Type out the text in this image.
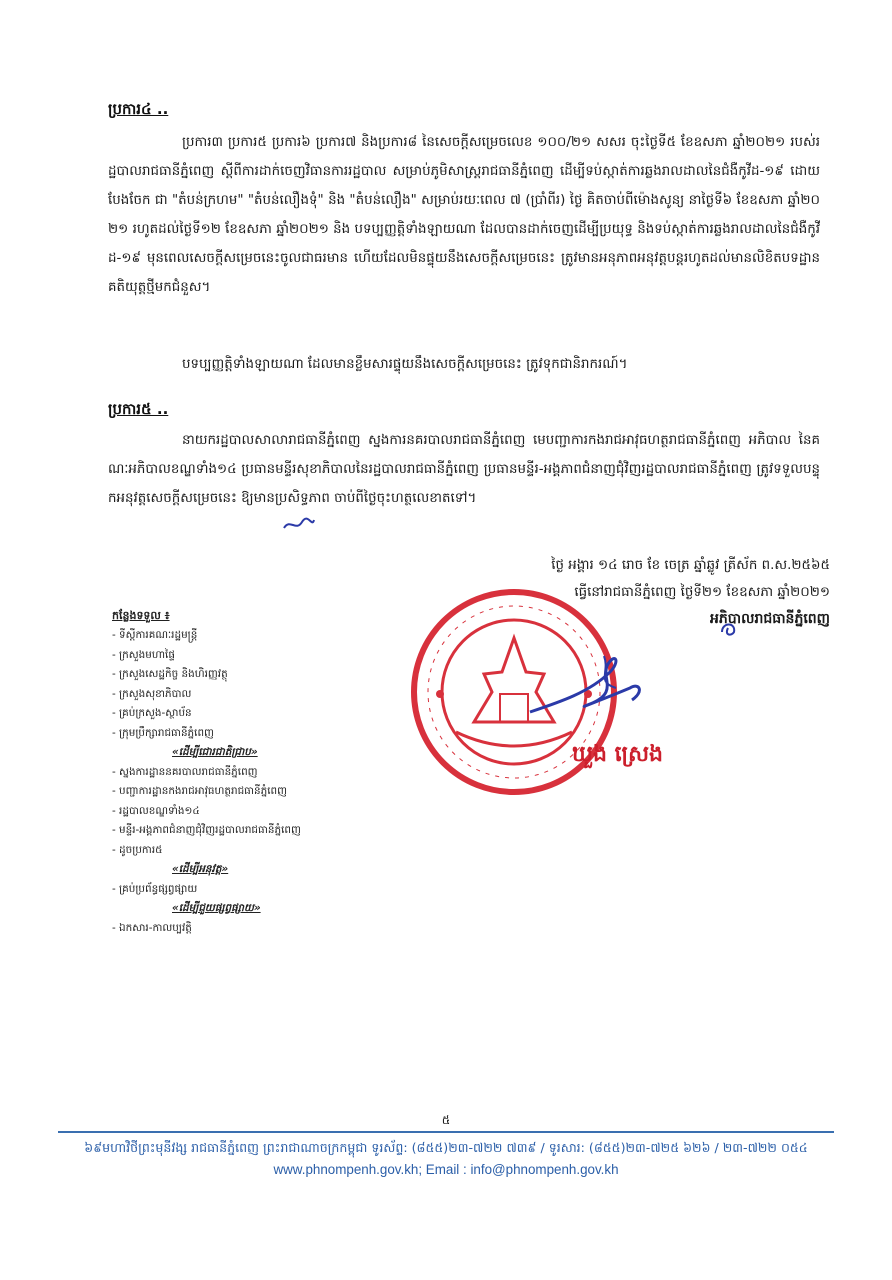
ប្រការ៤ ..
ប្រការ៣ ប្រការ៥ ប្រការ៦ ប្រការ៧ និងប្រការ៨ នៃសេចក្ដីសម្រេចលេខ ១០០/២១ សសរ ចុះថ្ងៃទី៥ ខែឧសភា ឆ្នាំ២០២១ របស់រដ្ឋបាលរាជធានីភ្នំពេញ ស្ដីពីការដាក់ចេញវិធានការរដ្ឋបាល សម្រាប់ភូមិសាស្ត្ររាជធានីភ្នំពេញ ដើម្បីទប់ស្កាត់ការឆ្លងរាលដាលនៃជំងឺកូវីដ-១៩ ដោយ បែងចែក ជា "តំបន់ក្រហម" "តំបន់លឿងទុំ" និង "តំបន់លឿង" សម្រាប់រយៈពេល ៧ (ប្រាំពីរ) ថ្ងៃ គិតចាប់ពីម៉ោងសូន្យ នាថ្ងៃទី៦ ខែឧសភា ឆ្នាំ២០២១ រហូតដល់ថ្ងៃទី១២ ខែឧសភា ឆ្នាំ២០២១ និង បទប្បញ្ញត្តិទាំងឡាយណា ដែលបានដាក់ចេញដើម្បីប្រយុទ្ធ និងទប់ស្កាត់ការឆ្លងរាលដាលនៃជំងឺកូវីដ-១៩ មុនពេលសេចក្ដីសម្រេចនេះចូលជាធរមាន ហើយដែលមិនផ្ទុយនឹងសេចក្ដីសម្រេចនេះ ត្រូវមានអនុភាពអនុវត្តបន្តរហូតដល់មានលិខិតបទដ្ឋានគតិយុត្តថ្មីមកជំនួស។
បទប្បញ្ញត្តិទាំងឡាយណា ដែលមានខ្លឹមសារផ្ទុយនឹងសេចក្ដីសម្រេចនេះ ត្រូវទុកជានិរាករណ៍។
ប្រការ៥ ..
នាយករដ្ឋបាលសាលារាជធានីភ្នំពេញ ស្នងការនគរបាលរាជធានីភ្នំពេញ មេបញ្ជាការកងរាជអាវុធហត្ថរាជធានីភ្នំពេញ អភិបាល នៃគណៈអភិបាលខណ្ឌទាំង១៤ ប្រធានមន្ទីរសុខាភិបាលនៃរដ្ឋបាលរាជធានីភ្នំពេញ ប្រធានមន្ទីរ-អង្គភាពជំនាញជុំវិញរដ្ឋបាលរាជធានីភ្នំពេញ ត្រូវទទួលបន្ទុកអនុវត្តសេចក្ដីសម្រេចនេះ ឱ្យមានប្រសិទ្ធភាព ចាប់ពីថ្ងៃចុះហត្ថលេខាតទៅ។
ថ្ងៃ អង្គារ ១៤ រោច ខែ ចេត្រ ឆ្នាំឆ្លូវ ត្រីស័ក ព.ស.២៥៦៥
ធ្វើនៅរាជធានីភ្នំពេញ ថ្ងៃទី២១ ខែឧសភា ឆ្នាំ២០២១
អភិបាលរាជធានីភ្នំពេញ
ឃួង ស្រេង
កន្លែងទទួល ៖
- ទីស្ដីការគណៈរដ្ឋមន្ត្រី
- ក្រសួងមហាផ្ទៃ
- ក្រសួងសេដ្ឋកិច្ច និងហិរញ្ញវត្ថុ
- ក្រសួងសុខាភិបាល
- គ្រប់ក្រសួង-ស្ថាប័ន
- ក្រុមប្រឹក្សារាជធានីភ្នំពេញ
«ដើម្បីជោរជាតិជ្រាប»
- ស្នងការដ្ឋាននគរបាលរាជធានីភ្នំពេញ
- បញ្ជាការដ្ឋានកងរាជអាវុធហត្ថរាជធានីភ្នំពេញ
- រដ្ឋបាលខណ្ឌទាំង១៤
- មន្ទីរ-អង្គភាពជំនាញជុំវិញរដ្ឋបាលរាជធានីភ្នំពេញ
- ដូចប្រការ៥
«ដើម្បីអនុវត្ត»
- គ្រប់ប្រព័ន្ធផ្សព្វផ្សាយ
«ដើម្បីជួយផ្សព្វផ្សាយ»
- ឯកសារ-កាលប្បវត្តិ
៥
៦៩មហាវិថីព្រះមុនីវង្ស រាជធានីភ្នំពេញ ព្រះរាជាណាចក្រកម្ពុជា ទូរស័ព្ទ: (៨៥៥)២៣-៧២២ ៧៣៩ / ទូរសារ: (៨៥៥)២៣-៧២៥ ៦២៦ / ២៣-៧២២ ០៥៤
www.phnompenh.gov.kh; Email : info@phnompenh.gov.kh
